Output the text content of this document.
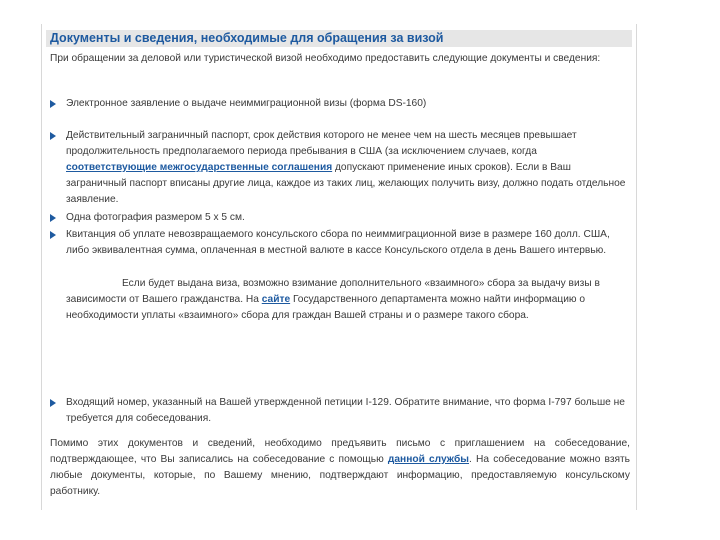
Документы и сведения, необходимые для обращения за визой
При обращении за деловой или туристической визой необходимо предоставить следующие документы и сведения:
Электронное заявление о выдаче неиммиграционной визы (форма DS-160)
Действительный заграничный паспорт, срок действия которого не менее чем на шесть месяцев превышает продолжительность предполагаемого периода пребывания в США (за исключением случаев, когда соответствующие межгосударственные соглашения допускают применение иных сроков). Если в Ваш заграничный паспорт вписаны другие лица, каждое из таких лиц, желающих получить визу, должно подать отдельное заявление.
Одна фотография размером 5 х 5 см.
Квитанция об уплате невозвращаемого консульского сбора по неиммиграционной визе в размере 160 долл. США, либо эквивалентная сумма, оплаченная в местной валюте в кассе Консульского отдела в день Вашего интервью.
Если будет выдана виза, возможно взимание дополнительного «взаимного» сбора за выдачу визы в зависимости от Вашего гражданства. На сайте Государственного департамента можно найти информацию о необходимости уплаты «взаимного» сбора для граждан Вашей страны и о размере такого сбора.
Входящий номер, указанный на Вашей утвержденной петиции I-129. Обратите внимание, что форма I-797 больше не требуется для собеседования.
Помимо этих документов и сведений, необходимо предъявить письмо с приглашением на собеседование, подтверждающее, что Вы записались на собеседование с помощью данной службы. На собеседование можно взять любые документы, которые, по Вашему мнению, подтверждают информацию, предоставляемую консульскому работнику.
